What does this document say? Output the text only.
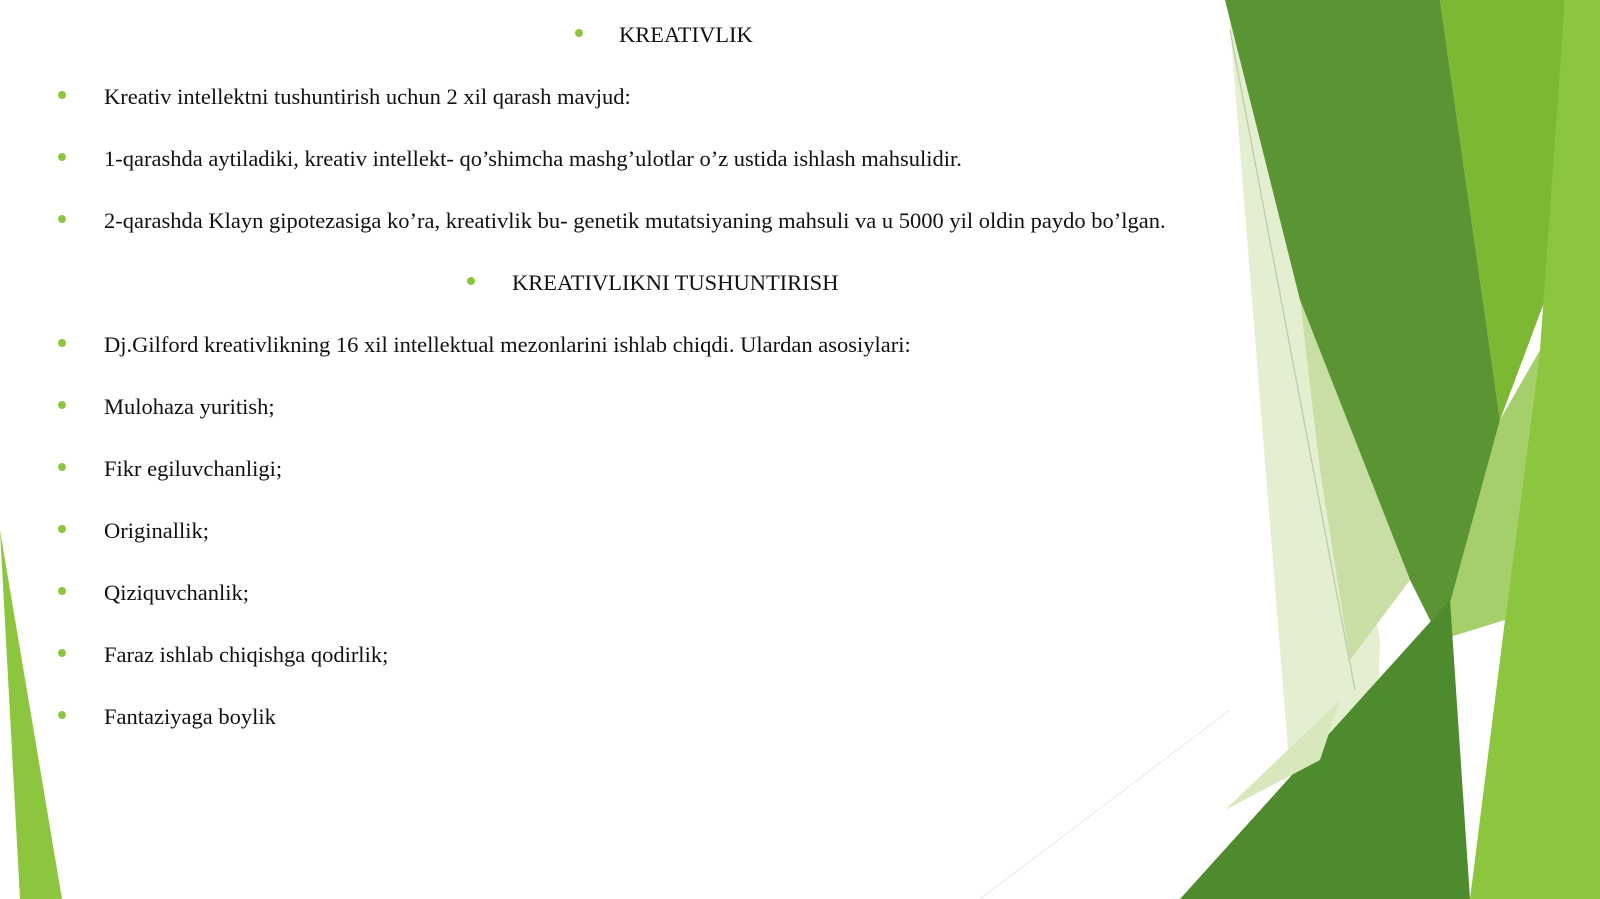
KREATIVLIK
Kreativ intellektni tushuntirish uchun 2 xil qarash mavjud:
1-qarashda aytiladiki, kreativ intellekt- qo’shimcha mashg’ulotlar o’z ustida ishlash mahsulidir.
2-qarashda Klayn gipotezasiga ko’ra, kreativlik bu- genetik mutatsiyaning mahsuli va u 5000 yil oldin paydo bo’lgan.
KREATIVLIKNI TUSHUNTIRISH
Dj.Gilford kreativlikning 16 xil intellektual mezonlarini ishlab chiqdi. Ulardan asosiylari:
Mulohaza yuritish;
Fikr egiluvchanligi;
Originallik;
Qiziquvchanlik;
Faraz ishlab chiqishga qodirlik;
Fantaziyaga boylik
